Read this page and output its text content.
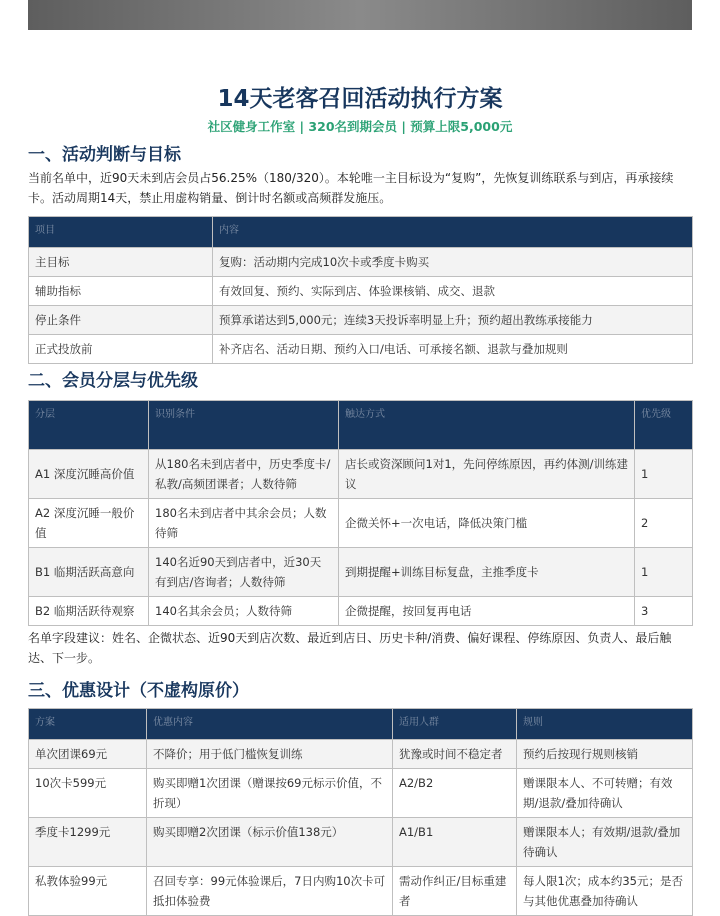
14天老客召回活动执行方案
社区健身工作室 | 320名到期会员 | 预算上限5,000元
一、活动判断与目标

当前名单中，近90天未到店会员占56.25%（180/320）。本轮唯一主目标设为“复购”，先恢复训练联系与到店，再承接续卡。活动周期14天，禁止用虚构销量、倒计时名额或高频群发施压。

项目	内容
主目标	复购：活动期内完成10次卡或季度卡购买
辅助指标	有效回复、预约、实际到店、体验课核销、成交、退款
停止条件	预算承诺达到5,000元；连续3天投诉率明显上升；预约超出教练承接能力
正式投放前	补齐店名、活动日期、预约入口/电话、可承接名额、退款与叠加规则
二、会员分层与优先级
分层	识别条件	触达方式	优先级
A1 深度沉睡高价值	从180名未到店者中，历史季度卡/私教/高频团课者；人数待筛	店长或资深顾问1对1，先问停练原因，再约体测/训练建议	1
A2 深度沉睡一般价值	180名未到店者中其余会员；人数待筛	企微关怀+一次电话，降低决策门槛	2
B1 临期活跃高意向	140名近90天到店者中，近30天有到店/咨询者；人数待筛	到期提醒+训练目标复盘，主推季度卡	1
B2 临期活跃待观察	140名其余会员；人数待筛	企微提醒，按回复再电话	3

名单字段建议：姓名、企微状态、近90天到店次数、最近到店日、历史卡种/消费、偏好课程、停练原因、负责人、最后触达、下一步。

三、优惠设计（不虚构原价）
方案	优惠内容	适用人群	规则
单次团课69元	不降价；用于低门槛恢复训练	犹豫或时间不稳定者	预约后按现行规则核销
10次卡599元	购买即赠1次团课（赠课按69元标示价值，不折现）	A2/B2	赠课限本人、不可转赠；有效期/退款/叠加待确认
季度卡1299元	购买即赠2次团课（标示价值138元）	A1/B1	赠课限本人；有效期/退款/叠加待确认
私教体验99元	召回专享：99元体验课后，7日内购10次卡可抵扣体验费	需动作纠正/目标重建者	每人限1次；成本约35元；是否与其他优惠叠加待确认
